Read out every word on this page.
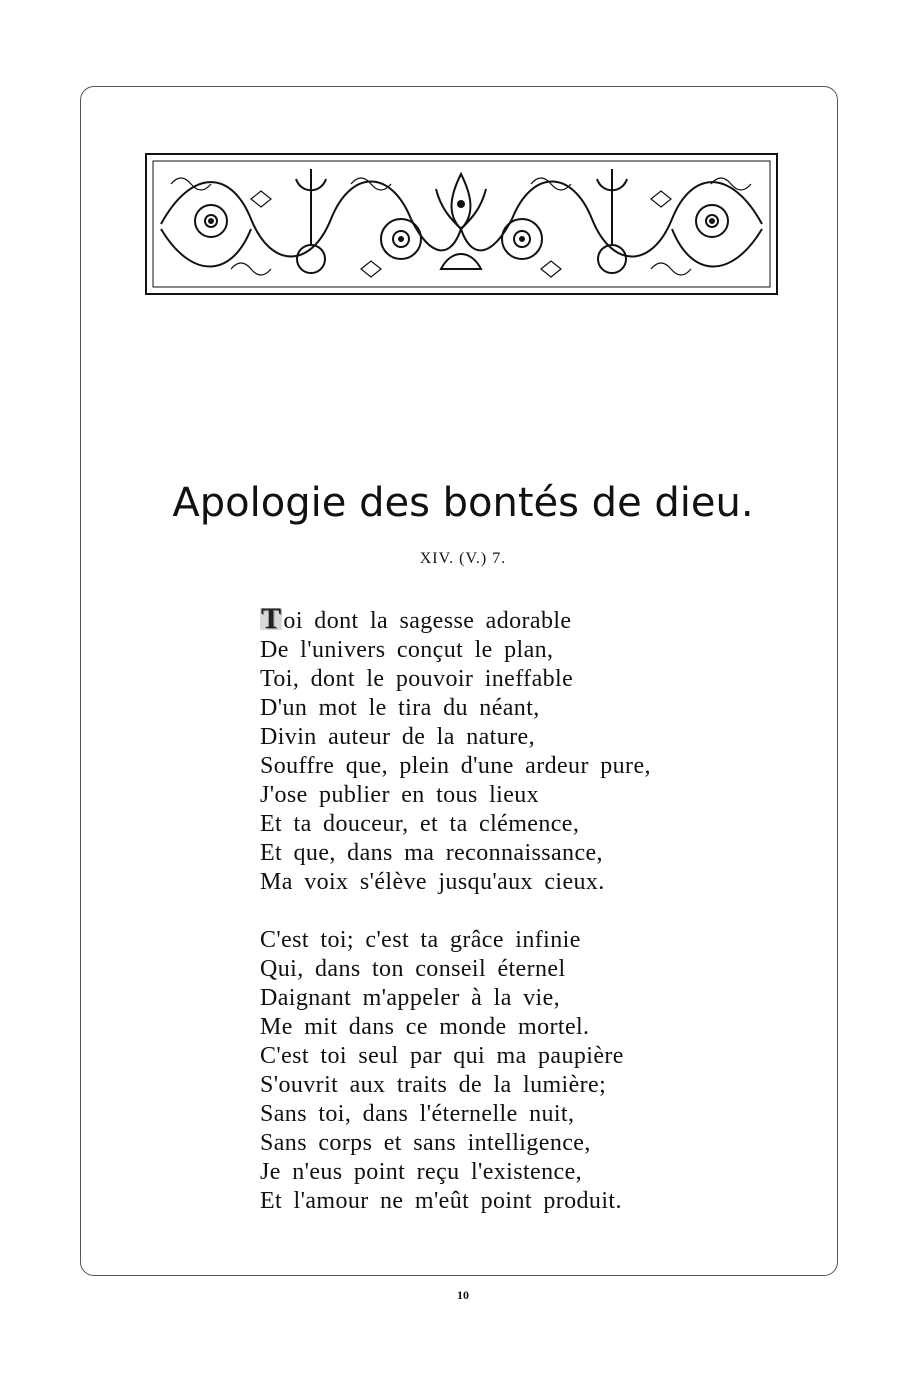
Apologie des bontés de dieu.
XIV. (V.) 7.
Toi dont la sagesse adorable
De l'univers conçut le plan,
Toi, dont le pouvoir ineffable
D'un mot le tira du néant,
Divin auteur de la nature,
Souffre que, plein d'une ardeur pure,
J'ose publier en tous lieux
Et ta douceur, et ta clémence,
Et que, dans ma reconnaissance,
Ma voix s'élève jusqu'aux cieux.
C'est toi; c'est ta grâce infinie
Qui, dans ton conseil éternel
Daignant m'appeler à la vie,
Me mit dans ce monde mortel.
C'est toi seul par qui ma paupière
S'ouvrit aux traits de la lumière;
Sans toi, dans l'éternelle nuit,
Sans corps et sans intelligence,
Je n'eus point reçu l'existence,
Et l'amour ne m'eût point produit.
10
